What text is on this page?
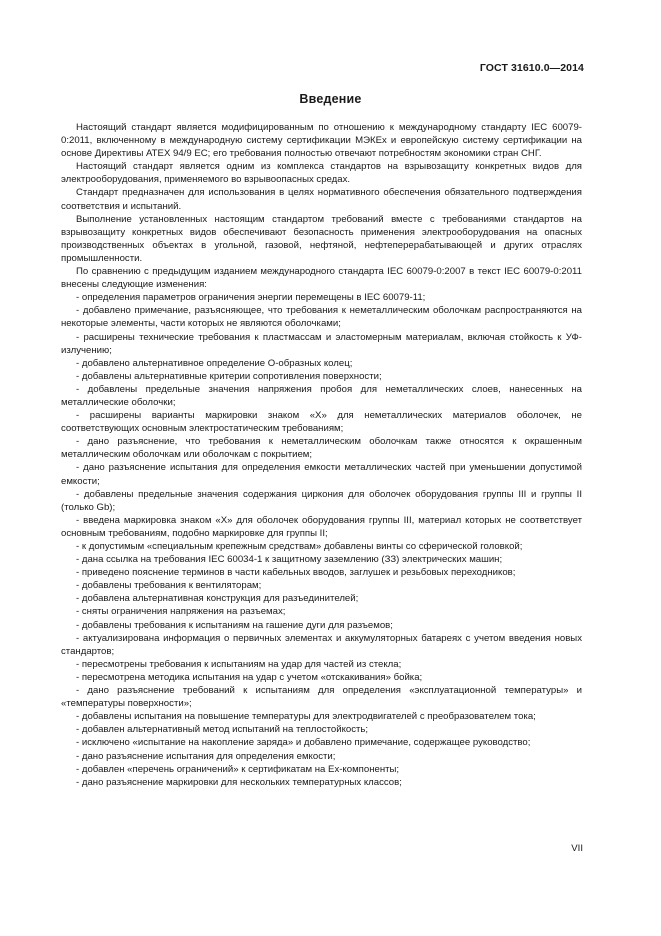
ГОСТ 31610.0—2014
Введение

Настоящий стандарт является модифицированным по отношению к международному стандарту IEC 60079-0:2011, включенному в международную систему сертификации МЭКЕх и европейскую систему сертификации на основе Директивы ATEX 94/9 EC; его требования полностью отвечают потребностям экономики стран СНГ.

Настоящий стандарт является одним из комплекса стандартов на взрывозащиту конкретных видов для электрооборудования, применяемого во взрывоопасных средах.

Стандарт предназначен для использования в целях нормативного обеспечения обязательного подтверждения соответствия и испытаний.

Выполнение установленных настоящим стандартом требований вместе с требованиями стандартов на взрывозащиту конкретных видов обеспечивают безопасность применения электрооборудования на опасных производственных объектах в угольной, газовой, нефтяной, нефтеперерабатывающей и других отраслях промышленности.

По сравнению с предыдущим изданием международного стандарта IEC 60079-0:2007 в текст IEC 60079-0:2011 внесены следующие изменения:

- определения параметров ограничения энергии перемещены в IEC 60079-11;

- добавлено примечание, разъясняющее, что требования к неметаллическим оболочкам распространяются на некоторые элементы, части которых не являются оболочками;

- расширены технические требования к пластмассам и эластомерным материалам, включая стойкость к УФ-излучению;

- добавлено альтернативное определение О-образных колец;

- добавлены альтернативные критерии сопротивления поверхности;

- добавлены предельные значения напряжения пробоя для неметаллических слоев, нанесенных на металлические оболочки;

- расширены варианты маркировки знаком «X» для неметаллических материалов оболочек, не соответствующих основным электростатическим требованиям;

- дано разъяснение, что требования к неметаллическим оболочкам также относятся к окрашенным металлическим оболочкам или оболочкам с покрытием;

- дано разъяснение испытания для определения емкости металлических частей при уменьшении допустимой емкости;

- добавлены предельные значения содержания циркония для оболочек оборудования группы III и группы II (только Gb);

- введена маркировка знаком «X» для оболочек оборудования группы III, материал которых не соответствует основным требованиям, подобно маркировке для группы II;

- к допустимым «специальным крепежным средствам» добавлены винты со сферической головкой;

- дана ссылка на требования IEC 60034-1 к защитному заземлению (ЗЗ) электрических машин;

- приведено пояснение терминов в части кабельных вводов, заглушек и резьбовых переходников;

- добавлены требования к вентиляторам;

- добавлена альтернативная конструкция для разъединителей;

- сняты ограничения напряжения на разъемах;

- добавлены требования к испытаниям на гашение дуги для разъемов;

- актуализирована информация о первичных элементах и аккумуляторных батареях с учетом введения новых стандартов;

- пересмотрены требования к испытаниям на удар для частей из стекла;

- пересмотрена методика испытания на удар с учетом «отскакивания» бойка;

- дано разъяснение требований к испытаниям для определения «эксплуатационной температуры» и «температуры поверхности»;

- добавлены испытания на повышение температуры для электродвигателей с преобразователем тока;

- добавлен альтернативный метод испытаний на теплостойкость;

- исключено «испытание на накопление заряда» и добавлено примечание, содержащее руководство;

- дано разъяснение испытания для определения емкости;

- добавлен «перечень ограничений» к сертификатам на Ex-компоненты;

- дано разъяснение маркировки для нескольких температурных классов;

VII
